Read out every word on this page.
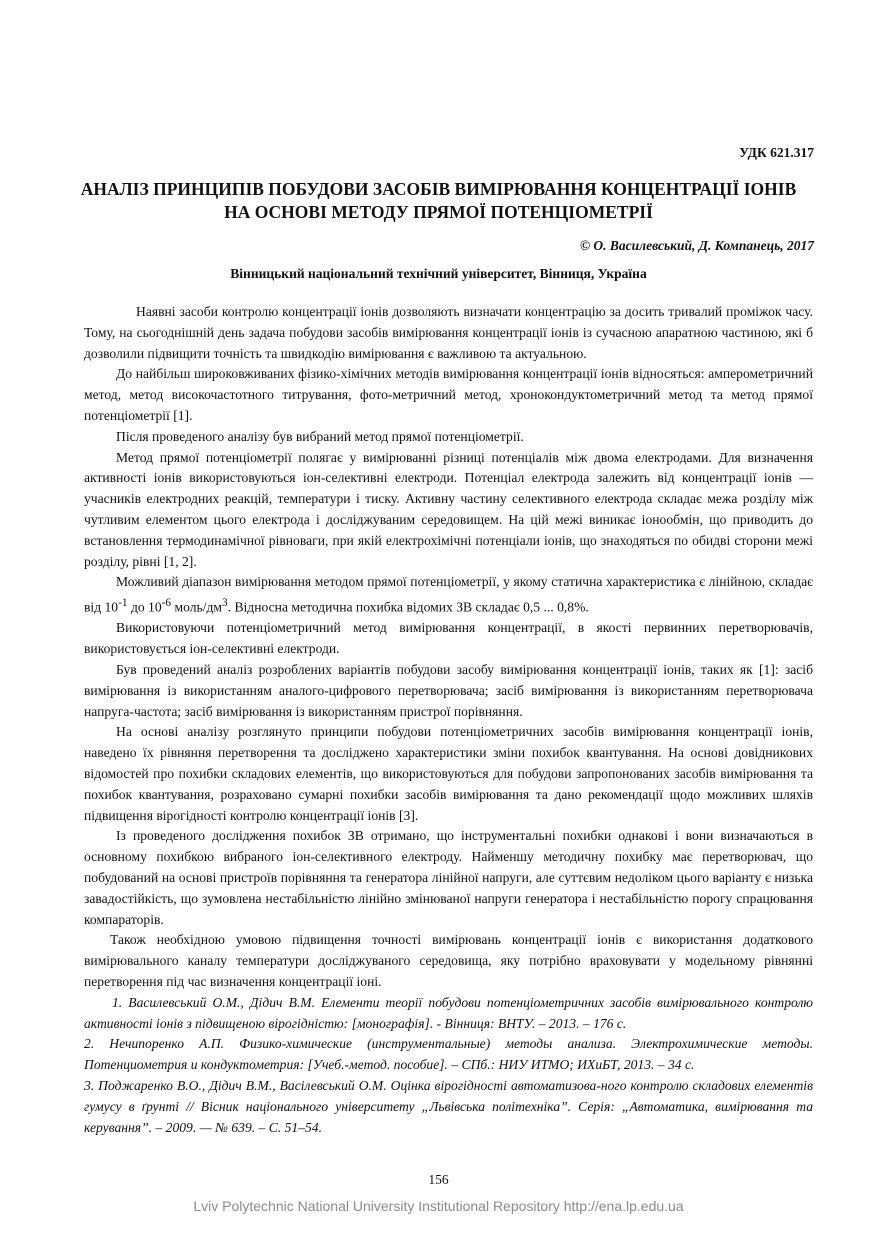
УДК 621.317
АНАЛІЗ ПРИНЦИПІВ ПОБУДОВИ ЗАСОБІВ ВИМІРЮВАННЯ КОНЦЕНТРАЦІЇ ІОНІВ
НА ОСНОВІ МЕТОДУ ПРЯМОЇ ПОТЕНЦІОМЕТРІЇ
© О. Василевський, Д. Компанець, 2017
Вінницький національний технічний університет, Вінниця, Україна

Наявні засоби контролю концентрації іонів дозволяють визначати концентрацію за досить тривалий проміжок часу. Тому, на сьогоднішній день задача побудови засобів вимірювання концентрації іонів із сучасною апаратною частиною, які б дозволили підвищити точність та швидкодію вимірювання є важливою та актуальною.

До найбільш широковживаних фізико-хімічних методів вимірювання концентрації іонів відносяться: амперометричний метод, метод високочастотного титрування, фото-метричний метод, хронокондуктометричний метод та метод прямої потенціометрії [1].

Після проведеного аналізу був вибраний метод прямої потенціометрії.

Метод прямої потенціометрії полягає у вимірюванні різниці потенціалів між двома електродами. Для визначення активності іонів використовуються іон-селективні електроди. Потенціал електрода залежить від концентрації іонів — учасників електродних реакцій, температури і тиску. Активну частину селективного електрода складає межа розділу між чутливим елементом цього електрода і досліджуваним середовищем. На цій межі виникає іонообмін, що приводить до встановлення термодинамічної рівноваги, при якій електрохімічні потенціали іонів, що знаходяться по обидві сторони межі розділу, рівні [1, 2].

Можливий діапазон вимірювання методом прямої потенціометрії, у якому статична характеристика є лінійною, складає від $10^{-1}$ до $10^{-6}$ моль/$дм^3$. Відносна методична похибка відомих ЗВ складає 0,5 ... 0,8%.

Використовуючи потенціометричний метод вимірювання концентрації, в якості первинних перетворювачів, використовується іон-селективні електроди.

Був проведений аналіз розроблених варіантів побудови засобу вимірювання концентрації іонів, таких як [1]: засіб вимірювання із використанням аналого-цифрового перетворювача; засіб вимірювання із використанням перетворювача напруга-частота; засіб вимірювання із використанням пристрої порівняння.

На основі аналізу розглянуто принципи побудови потенціометричних засобів вимірювання концентрації іонів, наведено їх рівняння перетворення та досліджено характеристики зміни похибок квантування. На основі довідникових відомостей про похибки складових елементів, що використовуються для побудови запропонованих засобів вимірювання та похибок квантування, розраховано сумарні похибки засобів вимірювання та дано рекомендації щодо можливих шляхів підвищення вірогідності контролю концентрації іонів [3].

Із проведеного дослідження похибок ЗВ отримано, що інструментальні похибки однакові і вони визначаються в основному похибкою вибраного іон-селективного електроду. Найменшу методичну похибку має перетворювач, що побудований на основі пристроїв порівняння та генератора лінійної напруги, але суттєвим недоліком цього варіанту є низька завадостійкість, що зумовлена нестабільністю лінійно змінюваної напруги генератора і нестабільністю порогу спрацювання компараторів.

Також необхідною умовою підвищення точності вимірювань концентрації іонів є використання додаткового вимірювального каналу температури досліджуваного середовища, яку потрібно враховувати у модельному рівнянні перетворення під час визначення концентрації іоні.

1. Василевський О.М., Дідич В.М. Елементи теорії побудови потенціометричних засобів вимірювального контролю активності іонів з підвищеною вірогідністю: [монографія]. - Вінниця: ВНТУ. – 2013. – 176 с.

2. Нечипоренко А.П. Физико-химические (инструментальные) методы анализа. Электрохимические методы. Потенциометрия и кондуктометрия: [Учеб.-метод. пособие]. – СПб.: НИУ ИТМО; ИХиБТ, 2013. – 34 с.

3. Поджаренко В.О., Дідич В.М., Васілевський О.М. Оцінка вірогідності автоматизова-ного контролю складових елементів гумусу в ґрунті // Вісник національного університету „Львівська політехніка”. Серія: „Автоматика, вимірювання та керування”. – 2009. — № 639. – С. 51–54.

156
Lviv Polytechnic National University Institutional Repository http://ena.lp.edu.ua
